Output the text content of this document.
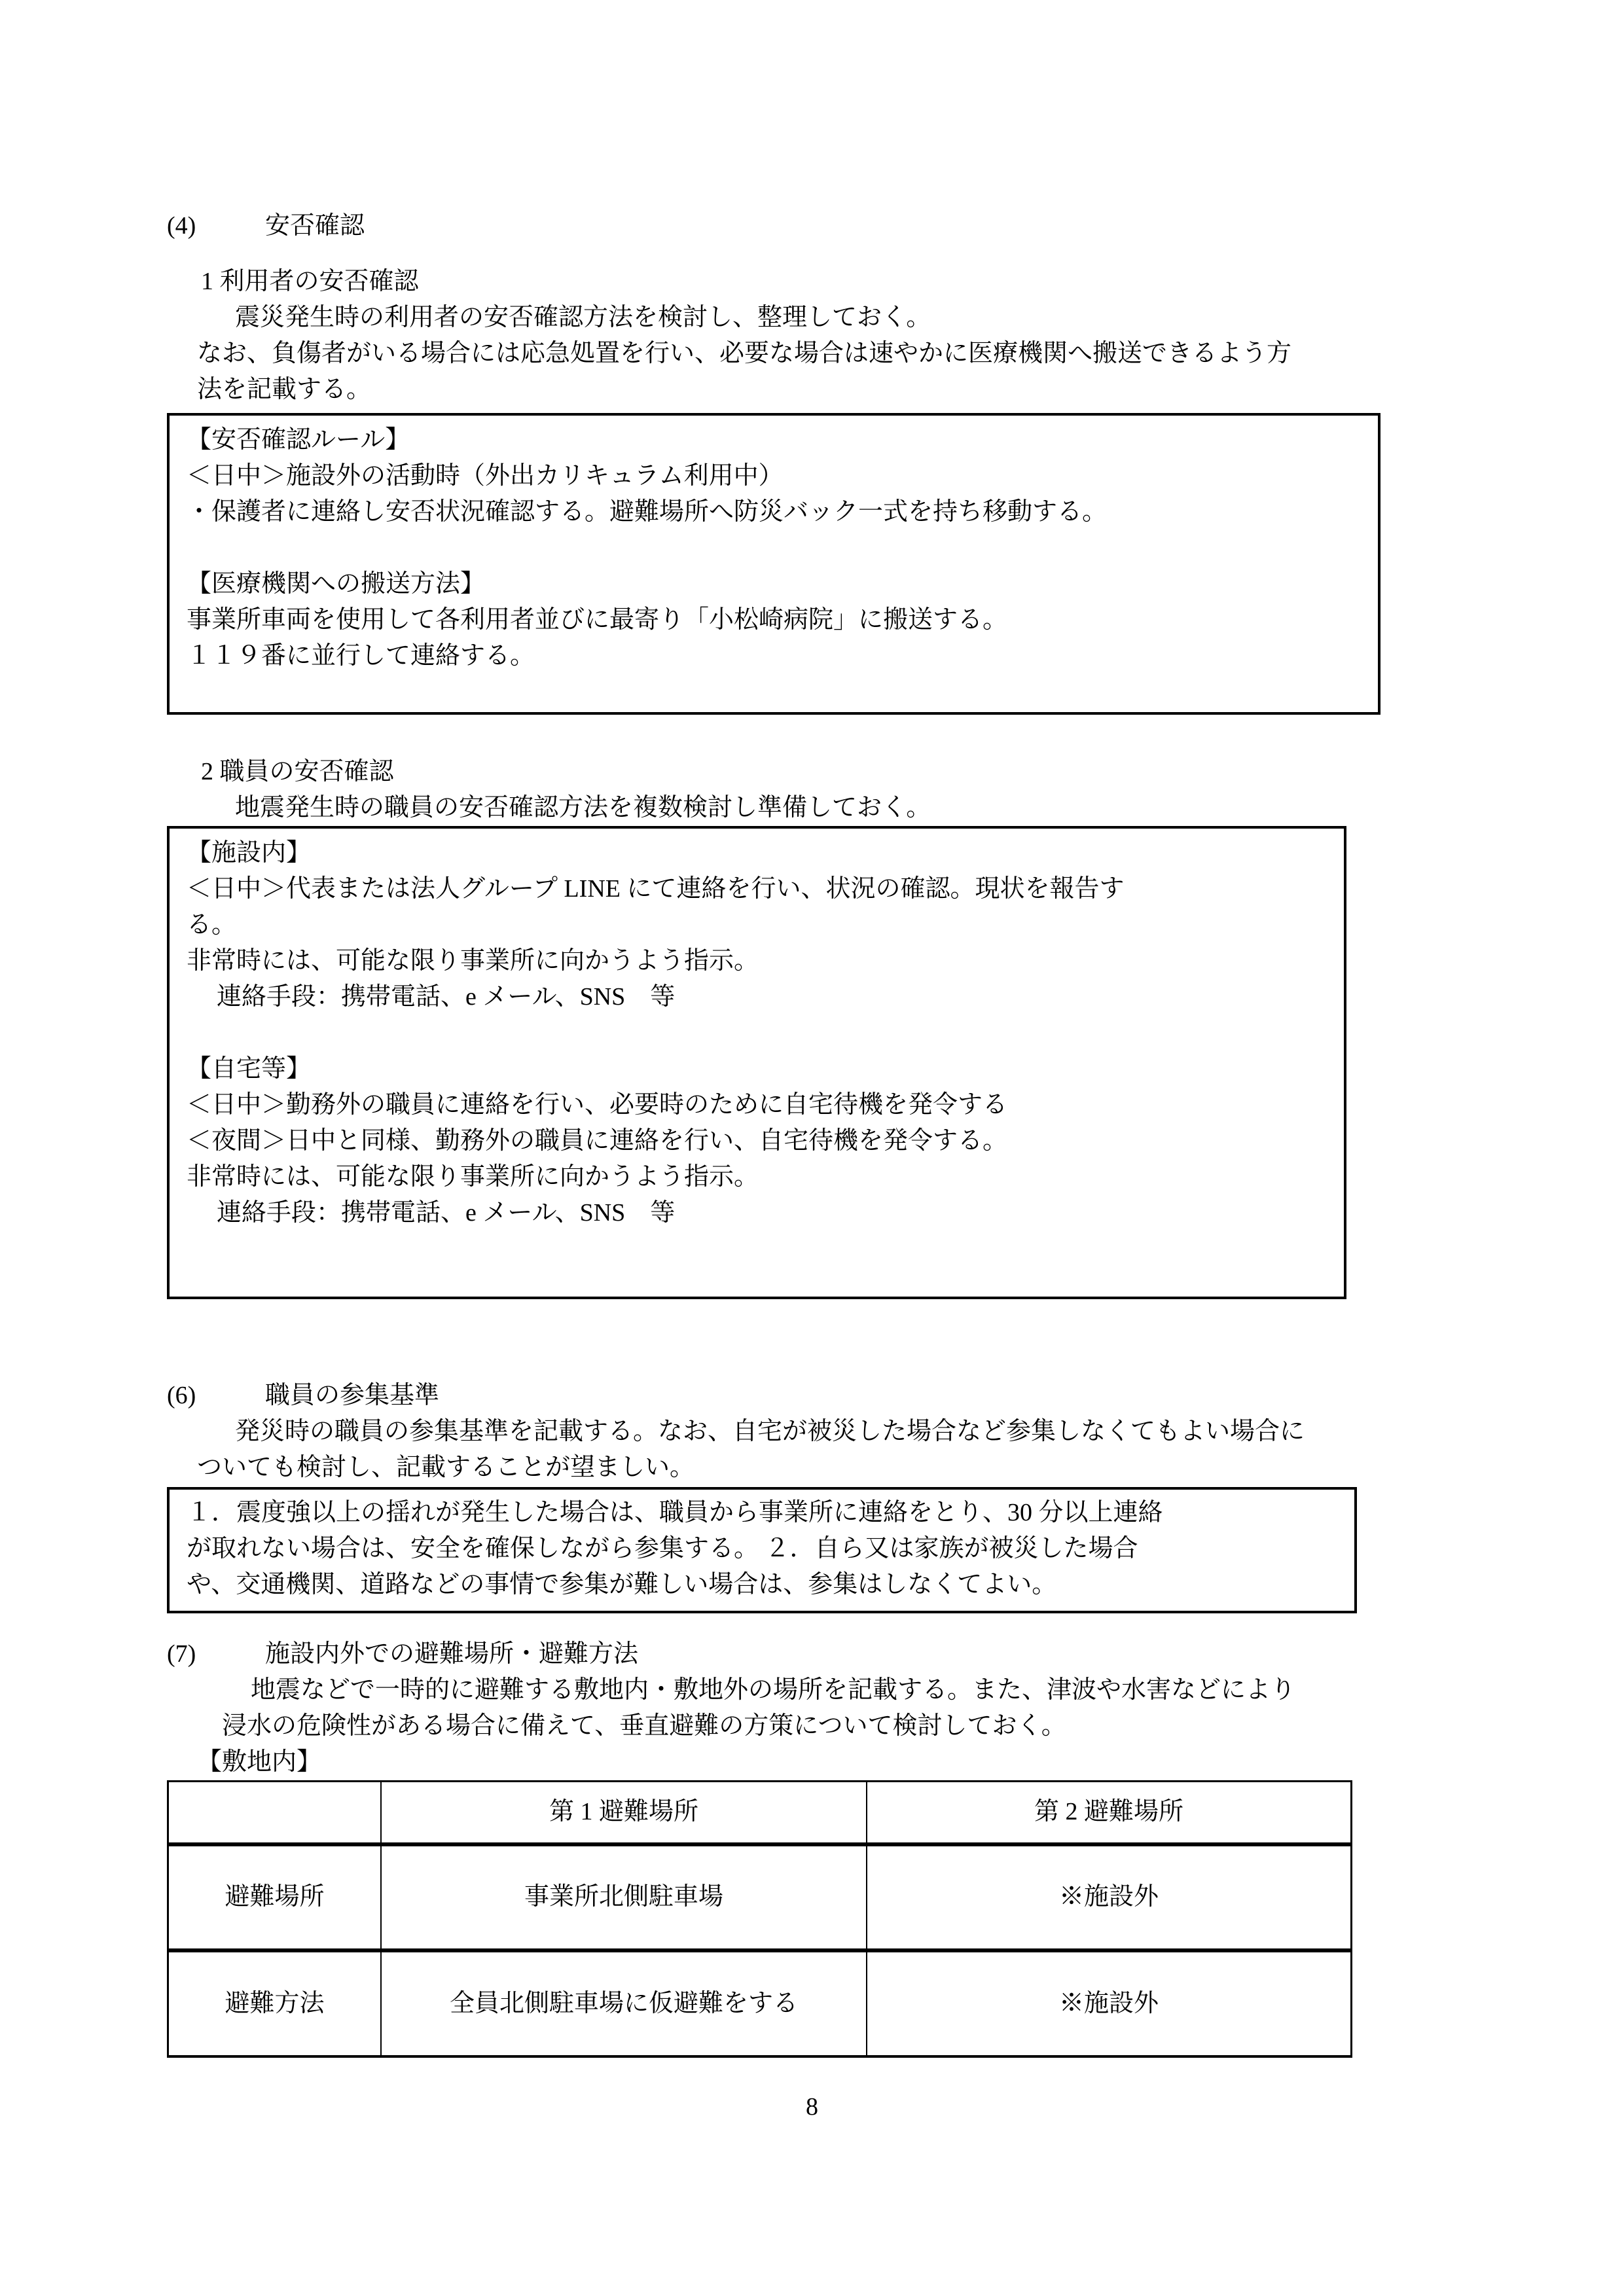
(4)	安否確認
1 利用者の安否確認
震災発生時の利用者の安否確認方法を検討し、整理しておく。
なお、負傷者がいる場合には応急処置を行い、必要な場合は速やかに医療機関へ搬送できるよう方
法を記載する。
【安否確認ルール】
＜日中＞施設外の活動時（外出カリキュラム利用中）
・保護者に連絡し安否状況確認する。避難場所へ防災バック一式を持ち移動する。

【医療機関への搬送方法】
事業所車両を使用して各利用者並びに最寄り「小松崎病院」に搬送する。
１１９番に並行して連絡する。
2 職員の安否確認
地震発生時の職員の安否確認方法を複数検討し準備しておく。
【施設内】
＜日中＞代表または法人グループ LINE にて連絡を行い、状況の確認。現状を報告す
る。
非常時には、可能な限り事業所に向かうよう指示。
連絡手段：携帯電話、e メール、SNS　等

【自宅等】
＜日中＞勤務外の職員に連絡を行い、必要時のために自宅待機を発令する
＜夜間＞日中と同様、勤務外の職員に連絡を行い、自宅待機を発令する。
非常時には、可能な限り事業所に向かうよう指示。
連絡手段：携帯電話、e メール、SNS　等
(6)	職員の参集基準
発災時の職員の参集基準を記載する。なお、自宅が被災した場合など参集しなくてもよい場合に
ついても検討し、記載することが望ましい。
１．震度強以上の揺れが発生した場合は、職員から事業所に連絡をとり、30 分以上連絡
が取れない場合は、安全を確保しながら参集する。 ２．自ら又は家族が被災した場合
や、交通機関、道路などの事情で参集が難しい場合は、参集はしなくてよい。
(7)	施設内外での避難場所・避難方法
地震などで一時的に避難する敷地内・敷地外の場所を記載する。また、津波や水害などにより
浸水の危険性がある場合に備えて、垂直避難の方策について検討しておく。
【敷地内】
	第 1 避難場所	第 2 避難場所
避難場所	事業所北側駐車場	※施設外
避難方法	全員北側駐車場に仮避難をする	※施設外
8
